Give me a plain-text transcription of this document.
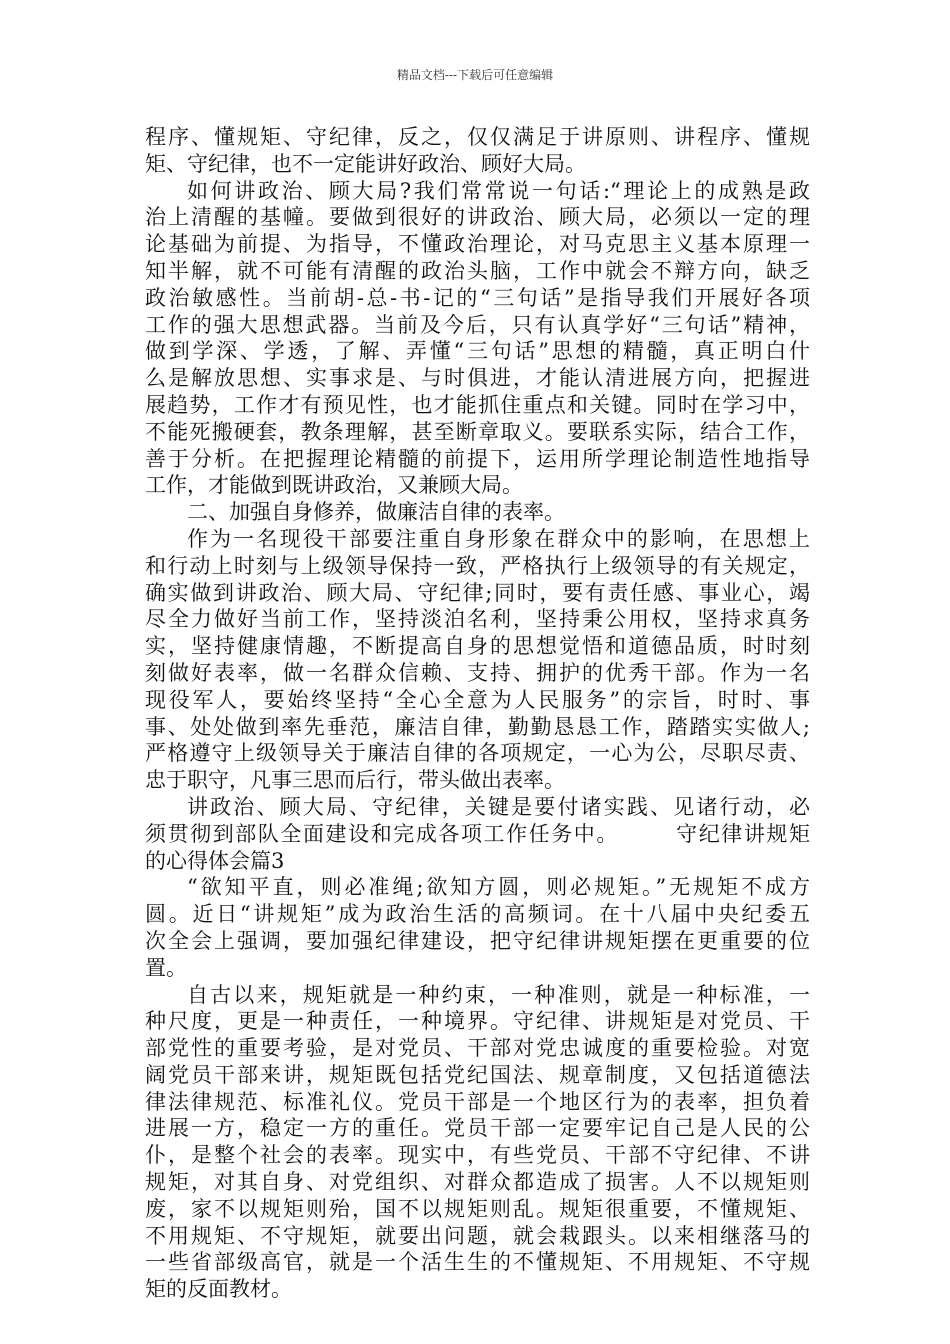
精品文档---下载后可任意编辑
程序、懂规矩、守纪律，反之，仅仅满足于讲原则、讲程序、懂规
矩、守纪律，也不一定能讲好政治、顾好大局。
如何讲政治、顾大局?我们常常说一句话:“理论上的成熟是政
治上清醒的基幢。要做到很好的讲政治、顾大局，必须以一定的理
论基础为前提、为指导，不懂政治理论，对马克思主义基本原理一
知半解，就不可能有清醒的政治头脑，工作中就会不辩方向，缺乏
政治敏感性。当前胡-总-书-记的“三句话”是指导我们开展好各项
工作的强大思想武器。当前及今后，只有认真学好“三句话”精神，
做到学深、学透，了解、弄懂“三句话”思想的精髓，真正明白什
么是解放思想、实事求是、与时俱进，才能认清进展方向，把握进
展趋势，工作才有预见性，也才能抓住重点和关键。同时在学习中，
不能死搬硬套，教条理解，甚至断章取义。要联系实际，结合工作，
善于分析。在把握理论精髓的前提下，运用所学理论制造性地指导
工作，才能做到既讲政治，又兼顾大局。
二、加强自身修养，做廉洁自律的表率。
作为一名现役干部要注重自身形象在群众中的影响，在思想上
和行动上时刻与上级领导保持一致，严格执行上级领导的有关规定，
确实做到讲政治、顾大局、守纪律;同时，要有责任感、事业心，竭
尽全力做好当前工作，坚持淡泊名利，坚持秉公用权，坚持求真务
实，坚持健康情趣，不断提高自身的思想觉悟和道德品质，时时刻
刻做好表率，做一名群众信赖、支持、拥护的优秀干部。作为一名
现役军人，要始终坚持“全心全意为人民服务”的宗旨，时时、事
事、处处做到率先垂范，廉洁自律，勤勤恳恳工作，踏踏实实做人;
严格遵守上级领导关于廉洁自律的各项规定，一心为公，尽职尽责、
忠于职守，凡事三思而后行，带头做出表率。
讲政治、顾大局、守纪律，关键是要付诸实践、见诸行动，必
须贯彻到部队全面建设和完成各项工作任务中。　　　守纪律讲规矩
的心得体会篇3
“欲知平直，则必准绳;欲知方圆，则必规矩。”无规矩不成方
圆。近日“讲规矩”成为政治生活的高频词。在十八届中央纪委五
次全会上强调，要加强纪律建设，把守纪律讲规矩摆在更重要的位
置。
自古以来，规矩就是一种约束，一种准则，就是一种标准，一
种尺度，更是一种责任，一种境界。守纪律、讲规矩是对党员、干
部党性的重要考验，是对党员、干部对党忠诚度的重要检验。对宽
阔党员干部来讲，规矩既包括党纪国法、规章制度，又包括道德法
律法律规范、标准礼仪。党员干部是一个地区行为的表率，担负着
进展一方，稳定一方的重任。党员干部一定要牢记自己是人民的公
仆，是整个社会的表率。现实中，有些党员、干部不守纪律、不讲
规矩，对其自身、对党组织、对群众都造成了损害。人不以规矩则
废，家不以规矩则殆，国不以规矩则乱。规矩很重要，不懂规矩、
不用规矩、不守规矩，就要出问题，就会栽跟头。以来相继落马的
一些省部级高官，就是一个活生生的不懂规矩、不用规矩、不守规
矩的反面教材。
